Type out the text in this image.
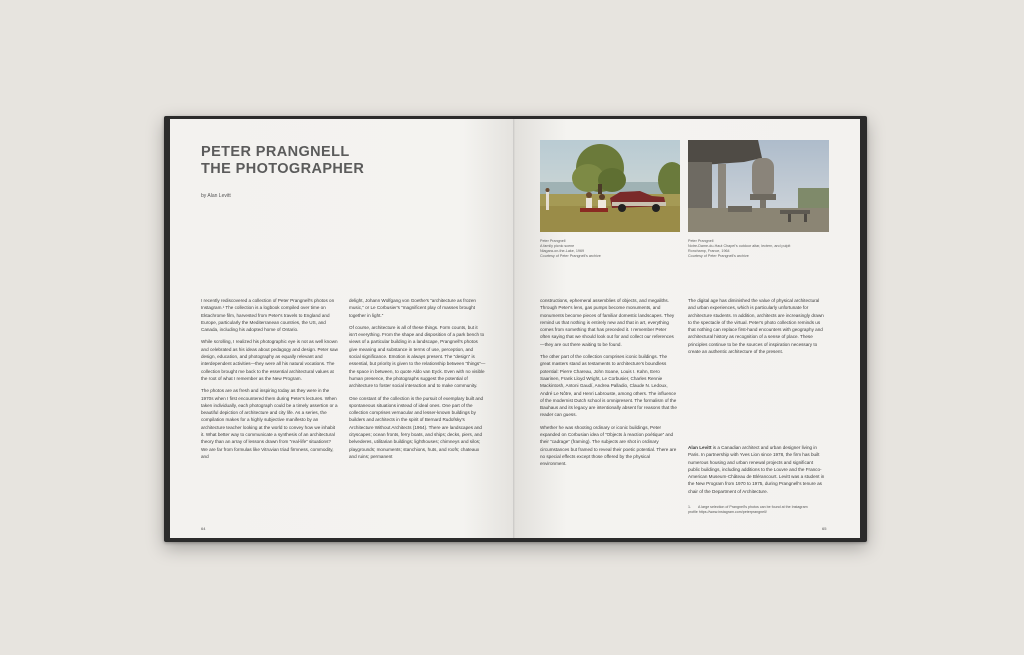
PETER PRANGNELL
THE PHOTOGRAPHER
by Alan Levitt

I recently rediscovered a collection of Peter Prangnell's photos on Instagram.¹ The collection is a logbook compiled over time on Ektachrome film, harvested from Peter's travels to England and Europe, particularly the Mediterranean countries, the US, and Canada, including his adopted home of Ontario.

While scrolling, I realized his photographic eye is not as well known and celebrated as his ideas about pedagogy and design. Peter saw design, education, and photography as equally relevant and interdependent activities—they were all his natural vocations. The collection brought me back to the essential architectural values at the root of what I remember as the New Program.

The photos are as fresh and inspiring today as they were in the 1970s when I first encountered them during Peter's lectures. When taken individually, each photograph could be a timely assertion or a beautiful depiction of architecture and city life. As a series, the compilation makes for a highly subjective manifesto by an architecture teacher looking at the world to convey how we inhabit it. What better way to communicate a synthesis of an architectural theory than an array of lessons drawn from “real-life” situations? We are far from formulas like Vitruvian triad firmness, commodity, and

delight, Johann Wolfgang von Goethe's “architecture as frozen music,” or Le Corbusier's “magnificent play of masses brought together in light.”

Of course, architecture is all of these things. Form counts, but it isn't everything. From the shape and disposition of a park bench to views of a particular building in a landscape, Prangnell's photos give meaning and substance in terms of use, perception, and social significance. Emotion is always present. The “design” is essential, but priority is given to the relationship between “things”—the space in between, to quote Aldo van Eyck. Even with no visible human presence, the photographs suggest the potential of architecture to foster social interaction and to make community.

One constant of the collection is the pursuit of exemplary built and spontaneous situations instead of ideal ones. One part of the collection comprises vernacular and lesser-known buildings by builders and architects in the spirit of Bernard Rudofsky's Architecture Without Architects (1964). There are landscapes and cityscapes; ocean fronts, ferry boats, and ships; decks, piers, and belvederes, utilitarian buildings; lighthouses; chimneys and silos; playgrounds; monuments; stanchions, huts, and roofs; chateaux and ruins; permanent

64
Peter Prangnell
A family picnic scene
Niagara-on-the-Lake, 1969
Courtesy of Peter Prangnell's archive
Peter Prangnell
Notre-Dame-du-Haut Chapel's outdoor altar, lectern, and pulpit
Ronchamp, France, 1964
Courtesy of Peter Prangnell's archive

constructions, ephemeral assemblies of objects, and megaliths. Through Peter's lens, gas pumps become monuments, and monuments become pieces of familiar domestic landscapes. They remind us that nothing is entirely new and that in art, everything comes from something that has preceded it. I remember Peter often saying that we should look out for and collect our references—they are out there waiting to be found.

The other part of the collection comprises iconic buildings. The great masters stand as testaments to architecture's boundless potential: Pierre Chareau, John Soane, Louis I. Kahn, Eero Saarinen, Frank Lloyd Wright, Le Corbusier, Charles Rennie Mackintosh, Antoni Gaudí, Andrea Palladio, Claude N. Ledoux, André Le Nôtre, and Henri Labrouste, among others. The influence of the modernist Dutch school is omnipresent. The formalism of the Bauhaus and its legacy are intentionally absent for reasons that the reader can guess.

Whether he was shooting ordinary or iconic buildings, Peter expanded on Corbusian idea of “Objects à reaction poétique” and their “cadrage” (framing). The subjects are shot in ordinary circumstances but framed to reveal their poetic potential. There are no special effects except those offered by the physical environment.

The digital age has diminished the value of physical architectural and urban experiences, which is particularly unfortunate for architecture students. In addition, architects are increasingly drawn to the spectacle of the virtual. Peter's photo collection reminds us that nothing can replace first-hand encounters with geography and architectural history as recognition of a sense of place. These principles continue to be the sources of inspiration necessary to create an authentic architecture of the present.

Alan Levitt is a Canadian architect and urban designer living in Paris. In partnership with Yves Lion since 1978, the firm has built numerous housing and urban renewal projects and significant public buildings, including additions to the Louvre and the Franco-American Museum-Château de Blérancourt. Levitt was a student in the New Program from 1970 to 1975, during Prangnell's tenure as chair of the Department of Architecture.

1. A large selection of Prangnell's photos can be found at the Instagram profile https://www.instagram.com/peterprangnell/
65
